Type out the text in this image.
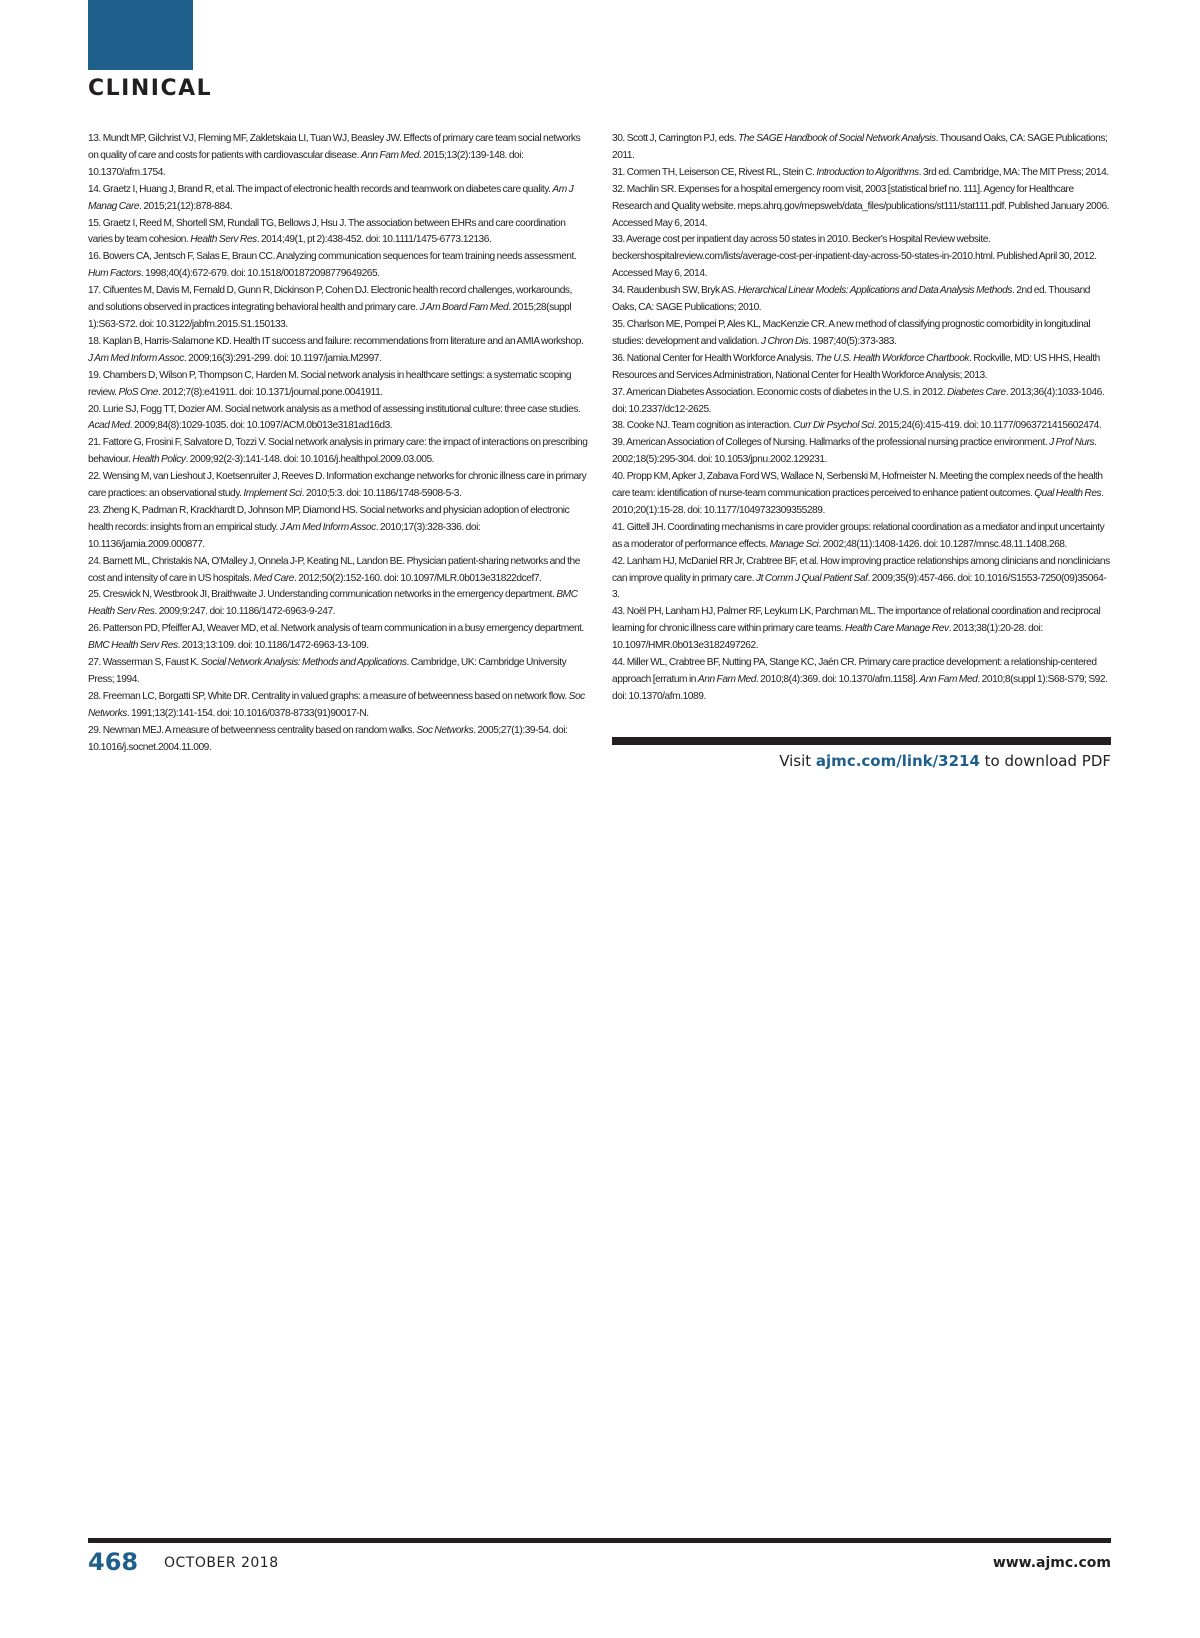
CLINICAL
13. Mundt MP, Gilchrist VJ, Fleming MF, Zakletskaia LI, Tuan WJ, Beasley JW. Effects of primary care team social networks on quality of care and costs for patients with cardiovascular disease. Ann Fam Med. 2015;13(2):139-148. doi: 10.1370/afm.1754.
14. Graetz I, Huang J, Brand R, et al. The impact of electronic health records and teamwork on diabetes care quality. Am J Manag Care. 2015;21(12):878-884.
15. Graetz I, Reed M, Shortell SM, Rundall TG, Bellows J, Hsu J. The association between EHRs and care coordination varies by team cohesion. Health Serv Res. 2014;49(1, pt 2):438-452. doi: 10.1111/1475-6773.12136.
16. Bowers CA, Jentsch F, Salas E, Braun CC. Analyzing communication sequences for team training needs assessment. Hum Factors. 1998;40(4):672-679. doi: 10.1518/001872098779649265.
17. Cifuentes M, Davis M, Fernald D, Gunn R, Dickinson P, Cohen DJ. Electronic health record challenges, workarounds, and solutions observed in practices integrating behavioral health and primary care. J Am Board Fam Med. 2015;28(suppl 1):S63-S72. doi: 10.3122/jabfm.2015.S1.150133.
18. Kaplan B, Harris-Salamone KD. Health IT success and failure: recommendations from literature and an AMIA workshop. J Am Med Inform Assoc. 2009;16(3):291-299. doi: 10.1197/jamia.M2997.
19. Chambers D, Wilson P, Thompson C, Harden M. Social network analysis in healthcare settings: a systematic scoping review. PloS One. 2012;7(8):e41911. doi: 10.1371/journal.pone.0041911.
20. Lurie SJ, Fogg TT, Dozier AM. Social network analysis as a method of assessing institutional culture: three case studies. Acad Med. 2009;84(8):1029-1035. doi: 10.1097/ACM.0b013e3181ad16d3.
21. Fattore G, Frosini F, Salvatore D, Tozzi V. Social network analysis in primary care: the impact of interactions on prescribing behaviour. Health Policy. 2009;92(2-3):141-148. doi: 10.1016/j.healthpol.2009.03.005.
22. Wensing M, van Lieshout J, Koetsenruiter J, Reeves D. Information exchange networks for chronic illness care in primary care practices: an observational study. Implement Sci. 2010;5:3. doi: 10.1186/1748-5908-5-3.
23. Zheng K, Padman R, Krackhardt D, Johnson MP, Diamond HS. Social networks and physician adoption of electronic health records: insights from an empirical study. J Am Med Inform Assoc. 2010;17(3):328-336. doi: 10.1136/jamia.2009.000877.
24. Barnett ML, Christakis NA, O'Malley J, Onnela J-P, Keating NL, Landon BE. Physician patient-sharing networks and the cost and intensity of care in US hospitals. Med Care. 2012;50(2):152-160. doi: 10.1097/MLR.0b013e31822dcef7.
25. Creswick N, Westbrook JI, Braithwaite J. Understanding communication networks in the emergency department. BMC Health Serv Res. 2009;9:247. doi: 10.1186/1472-6963-9-247.
26. Patterson PD, Pfeiffer AJ, Weaver MD, et al. Network analysis of team communication in a busy emergency department. BMC Health Serv Res. 2013;13:109. doi: 10.1186/1472-6963-13-109.
27. Wasserman S, Faust K. Social Network Analysis: Methods and Applications. Cambridge, UK: Cambridge University Press; 1994.
28. Freeman LC, Borgatti SP, White DR. Centrality in valued graphs: a measure of betweenness based on network flow. Soc Networks. 1991;13(2):141-154. doi: 10.1016/0378-8733(91)90017-N.
29. Newman MEJ. A measure of betweenness centrality based on random walks. Soc Networks. 2005;27(1):39-54. doi: 10.1016/j.socnet.2004.11.009.
30. Scott J, Carrington PJ, eds. The SAGE Handbook of Social Network Analysis. Thousand Oaks, CA: SAGE Publications; 2011.
31. Cormen TH, Leiserson CE, Rivest RL, Stein C. Introduction to Algorithms. 3rd ed. Cambridge, MA: The MIT Press; 2014.
32. Machlin SR. Expenses for a hospital emergency room visit, 2003 [statistical brief no. 111]. Agency for Healthcare Research and Quality website. meps.ahrq.gov/mepsweb/data_files/publications/st111/stat111.pdf. Published January 2006. Accessed May 6, 2014.
33. Average cost per inpatient day across 50 states in 2010. Becker's Hospital Review website. beckershospitalreview.com/lists/average-cost-per-inpatient-day-across-50-states-in-2010.html. Published April 30, 2012. Accessed May 6, 2014.
34. Raudenbush SW, Bryk AS. Hierarchical Linear Models: Applications and Data Analysis Methods. 2nd ed. Thousand Oaks, CA: SAGE Publications; 2010.
35. Charlson ME, Pompei P, Ales KL, MacKenzie CR. A new method of classifying prognostic comorbidity in longitudinal studies: development and validation. J Chron Dis. 1987;40(5):373-383.
36. National Center for Health Workforce Analysis. The U.S. Health Workforce Chartbook. Rockville, MD: US HHS, Health Resources and Services Administration, National Center for Health Workforce Analysis; 2013.
37. American Diabetes Association. Economic costs of diabetes in the U.S. in 2012. Diabetes Care. 2013;36(4):1033-1046. doi: 10.2337/dc12-2625.
38. Cooke NJ. Team cognition as interaction. Curr Dir Psychol Sci. 2015;24(6):415-419. doi: 10.1177/0963721415602474.
39. American Association of Colleges of Nursing. Hallmarks of the professional nursing practice environment. J Prof Nurs. 2002;18(5):295-304. doi: 10.1053/jpnu.2002.129231.
40. Propp KM, Apker J, Zabava Ford WS, Wallace N, Serbenski M, Hofmeister N. Meeting the complex needs of the health care team: identification of nurse-team communication practices perceived to enhance patient outcomes. Qual Health Res. 2010;20(1):15-28. doi: 10.1177/1049732309355289.
41. Gittell JH. Coordinating mechanisms in care provider groups: relational coordination as a mediator and input uncertainty as a moderator of performance effects. Manage Sci. 2002;48(11):1408-1426. doi: 10.1287/mnsc.48.11.1408.268.
42. Lanham HJ, McDaniel RR Jr, Crabtree BF, et al. How improving practice relationships among clinicians and nonclinicians can improve quality in primary care. Jt Comm J Qual Patient Saf. 2009;35(9):457-466. doi: 10.1016/S1553-7250(09)35064-3.
43. Noël PH, Lanham HJ, Palmer RF, Leykum LK, Parchman ML. The importance of relational coordination and reciprocal learning for chronic illness care within primary care teams. Health Care Manage Rev. 2013;38(1):20-28. doi: 10.1097/HMR.0b013e3182497262.
44. Miller WL, Crabtree BF, Nutting PA, Stange KC, Jaén CR. Primary care practice development: a relationship-centered approach [erratum in Ann Fam Med. 2010;8(4):369. doi: 10.1370/afm.1158]. Ann Fam Med. 2010;8(suppl 1):S68-S79; S92. doi: 10.1370/afm.1089.
Visit ajmc.com/link/3214 to download PDF
468 OCTOBER 2018	www.ajmc.com
